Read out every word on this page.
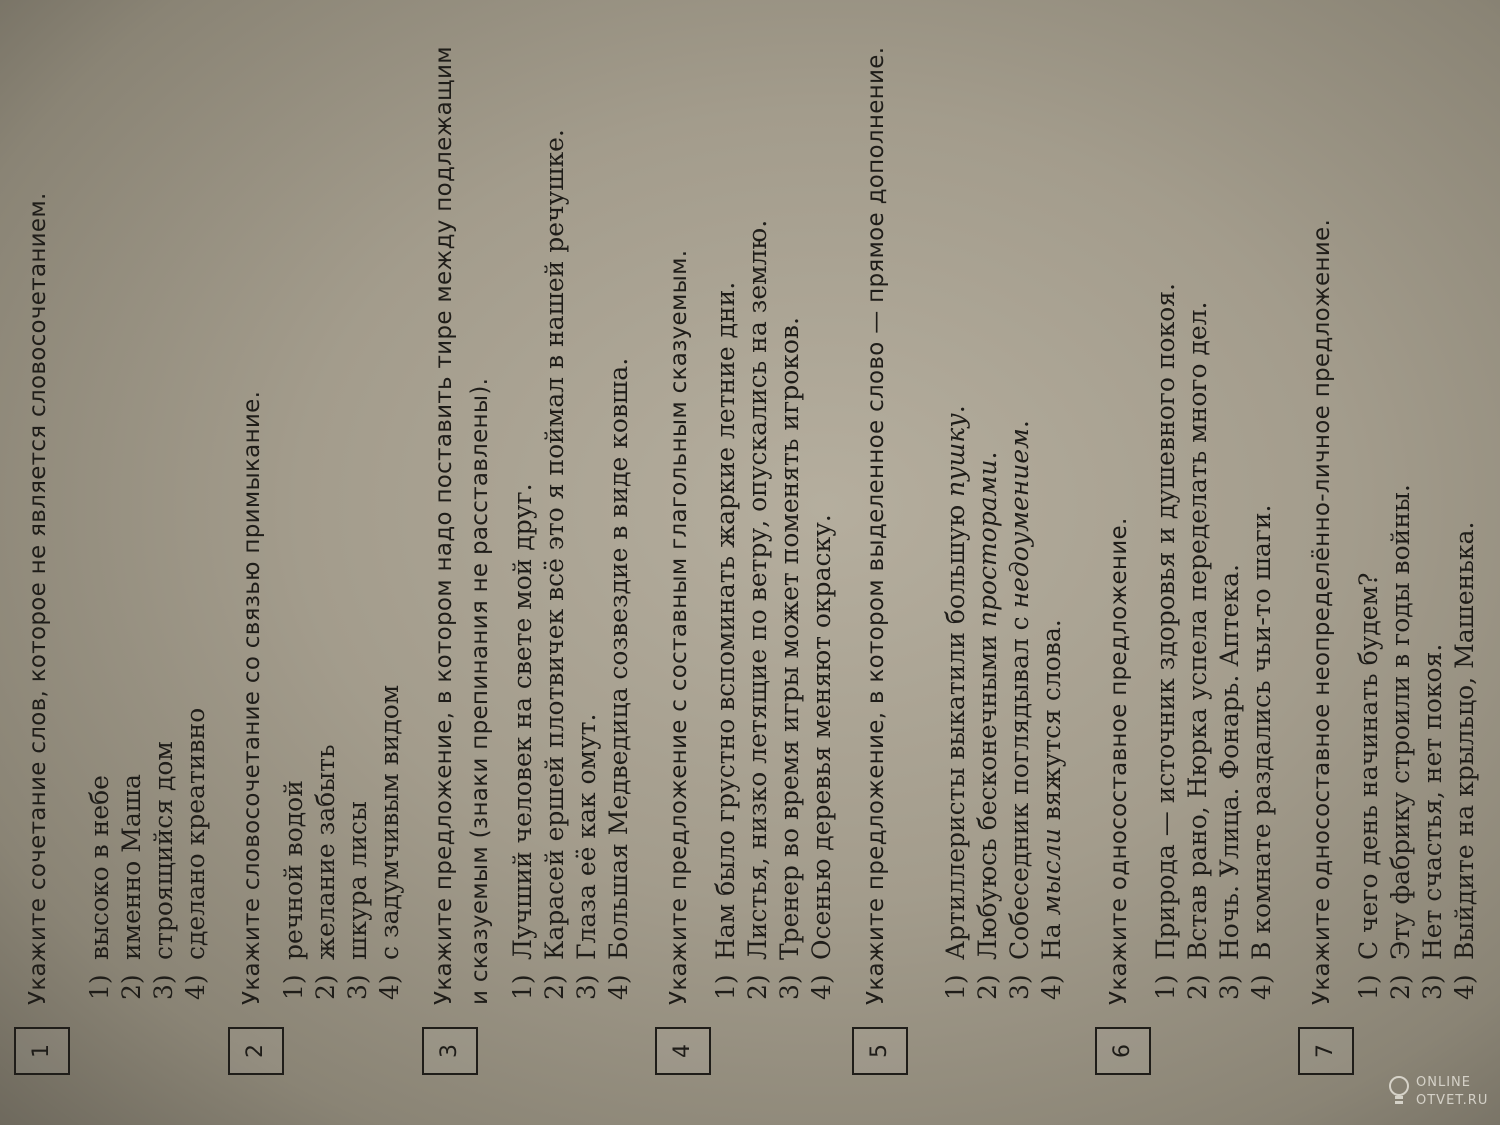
1
Укажите сочетание слов, которое не является словосочетанием. 1)высоко в небе
2)именно Маша
3)строящийся дом
4)сделано креативно
2
Укажите словосочетание со связью примыкание. 1)речной водой
2)желание забыть
3)шкура лисы
4)с задумчивым видом
3
Укажите предложение, в котором надо поставить тире между подлежащим и сказуемым (знаки препинания не расставлены). 1)Лучший человек на свете мой друг.
2)Карасей ершей плотвичек всё это я поймал в нашей речушке.
3)Глаза её как омут.
4)Большая Медведица созвездие в виде ковша.
4
Укажите предложение с составным глагольным сказуемым. 1)Нам было грустно вспоминать жаркие летние дни.
2)Листья, низко летящие по ветру, опускались на землю.
3)Тренер во время игры может поменять игроков.
4)Осенью деревья меняют окраску.
5
Укажите предложение, в котором выделенное слово — прямое дополнение. 1)Артиллеристы выкатили большую пушку.
2)Любуюсь бесконечными просторами.
3)Собеседник поглядывал с недоумением.
4)На мысли вяжутся слова.
6
Укажите односоставное предложение. 1)Природа — источник здоровья и душевного покоя.
2)Встав рано, Нюрка успела переделать много дел.
3)Ночь. Улица. Фонарь. Аптека.
4)В комнате раздались чьи-то шаги.
7
Укажите односоставное неопределённо-личное предложение. 1)С чего день начинать будем?
2)Эту фабрику строили в годы войны.
3)Нет счастья, нет покоя.
4)Выйдите на крыльцо, Машенька.
ONLINE
OTVET.RU
